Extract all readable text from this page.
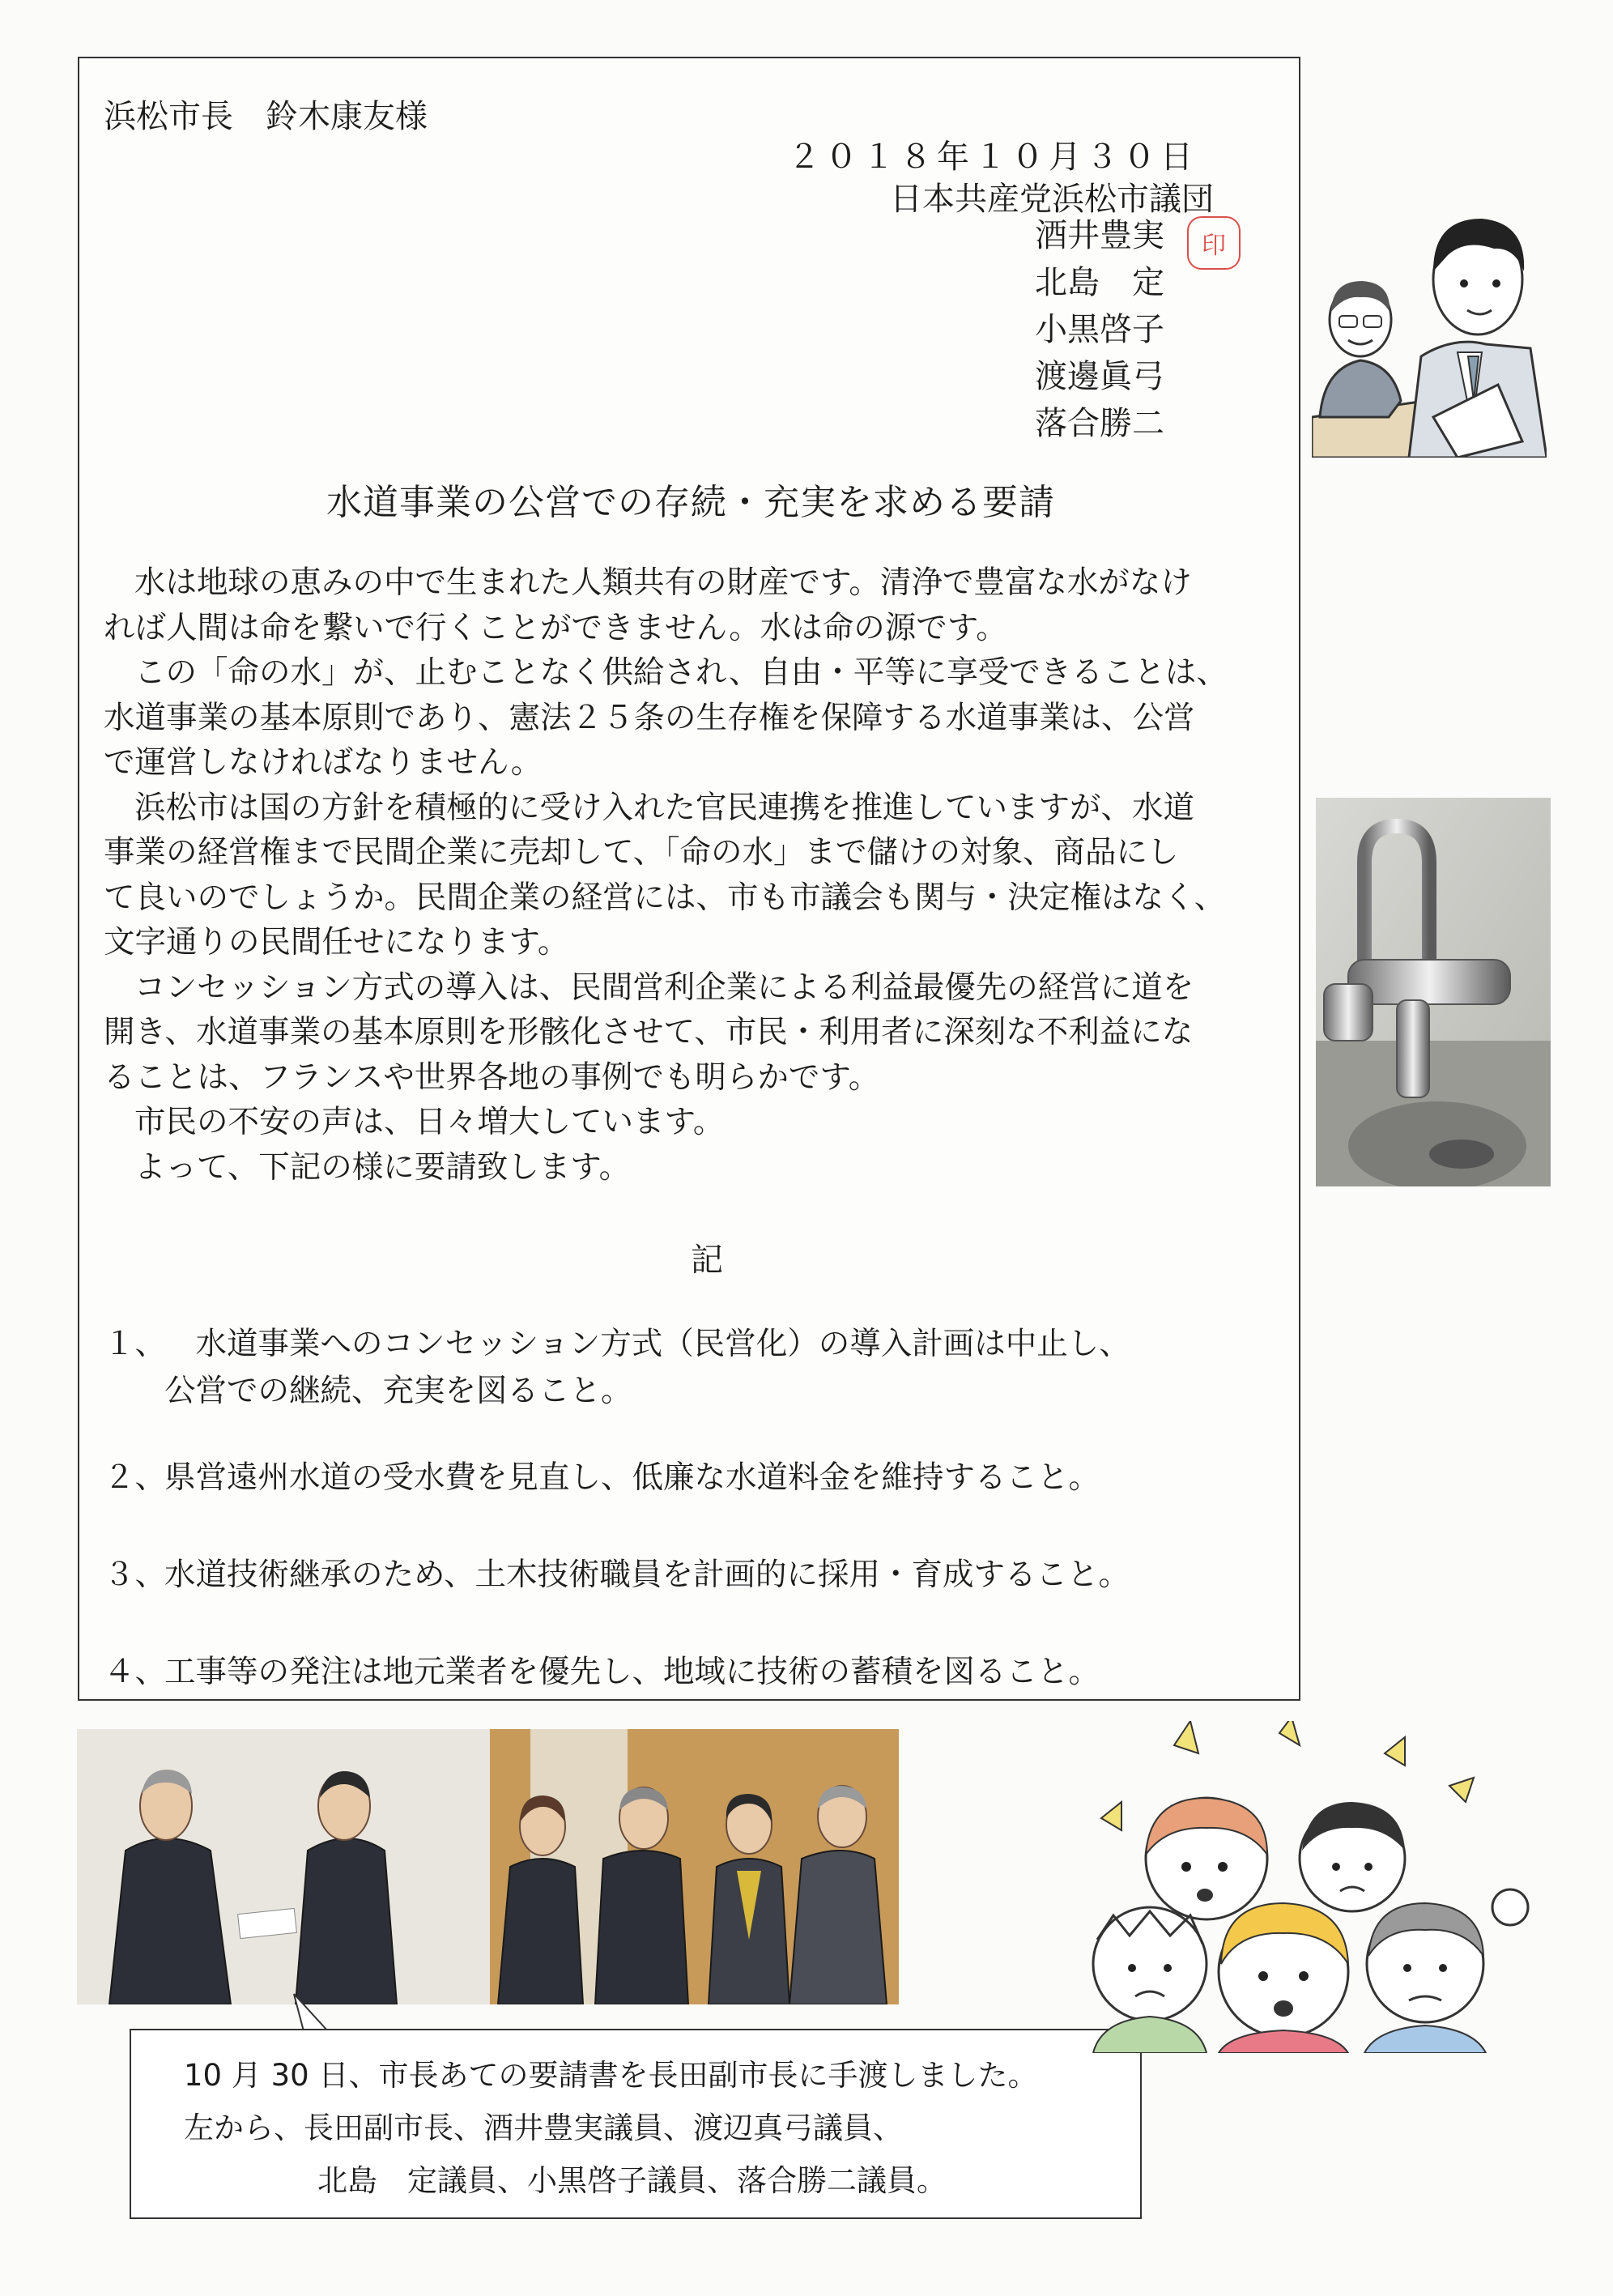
浜松市長　鈴木康友様
２０１８年１０月３０日
日本共産党浜松市議団
酒井豊実
北島　定
小黒啓子
渡邊眞弓
落合勝二
印
水道事業の公営での存続・充実を求める要請
水は地球の恵みの中で生まれた人類共有の財産です。清浄で豊富な水がなけ
れば人間は命を繋いで行くことができません。水は命の源です。
この「命の水」が、止むことなく供給され、自由・平等に享受できることは、
水道事業の基本原則であり、憲法２５条の生存権を保障する水道事業は、公営
で運営しなければなりません。
浜松市は国の方針を積極的に受け入れた官民連携を推進していますが、水道
事業の経営権まで民間企業に売却して、「命の水」まで儲けの対象、商品にし
て良いのでしょうか。民間企業の経営には、市も市議会も関与・決定権はなく、
文字通りの民間任せになります。
コンセッション方式の導入は、民間営利企業による利益最優先の経営に道を
開き、水道事業の基本原則を形骸化させて、市民・利用者に深刻な不利益にな
ることは、フランスや世界各地の事例でも明らかです。
市民の不安の声は、日々増大しています。
よって、下記の様に要請致します。
記
１、　水道事業へのコンセッション方式（民営化）の導入計画は中止し、
公営での継続、充実を図ること。
２、県営遠州水道の受水費を見直し、低廉な水道料金を維持すること。
３、水道技術継承のため、土木技術職員を計画的に採用・育成すること。
４、工事等の発注は地元業者を優先し、地域に技術の蓄積を図ること。
10 月 30 日、市長あての要請書を長田副市長に手渡しました。
左から、長田副市長、酒井豊実議員、渡辺真弓議員、
北島　定議員、小黒啓子議員、落合勝二議員。
